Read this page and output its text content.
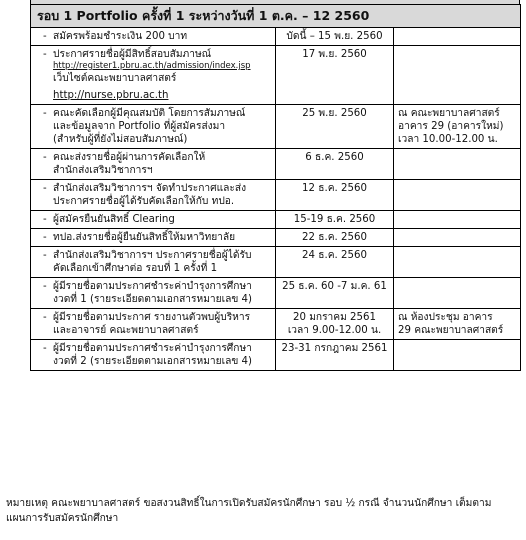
รอบ 1 Portfolio ครั้งที่ 1 ระหว่างวันที่ 1 ต.ค. – 12 2560		

- สมัครพร้อมชำระเงิน 200 บาท	บัดนี้ – 15 พ.ย. 2560	

- ประกาศรายชื่อผู้มีสิทธิ์สอบสัมภาษณ์
http://register1.pbru.ac.th/admission/index.jsp
เว็บไซต์คณะพยาบาลศาสตร์
http://nurse.pbru.ac.th	17 พ.ย. 2560	

- คณะคัดเลือกผู้มีคุณสมบัติ โดยการสัมภาษณ์
และข้อมูลจาก Portfolio ที่ผู้สมัครส่งมา
(สำหรับผู้ที่ยังไม่สอบสัมภาษณ์)	25 พ.ย. 2560	ณ คณะพยาบาลศาสตร์
อาคาร 29 (อาคารใหม่)
เวลา 10.00-12.00 น.

- คณะส่งรายชื่อผู้ผ่านการคัดเลือกให้
สำนักส่งเสริมวิชาการฯ	6 ธ.ค. 2560	

- สำนักส่งเสริมวิชาการฯ จัดทำประกาศและส่ง
ประกาศรายชื่อผู้ได้รับคัดเลือกให้กับ ทปอ.	12 ธ.ค. 2560	

- ผู้สมัครยืนยันสิทธิ์ Clearing	15-19 ธ.ค. 2560	

- ทปอ.ส่งรายชื่อผู้ยืนยันสิทธิ์ให้มหาวิทยาลัย	22 ธ.ค. 2560	

- สำนักส่งเสริมวิชาการฯ ประกาศรายชื่อผู้ได้รับ
คัดเลือกเข้าศึกษาต่อ รอบที่ 1 ครั้งที่ 1	24 ธ.ค. 2560	

- ผู้มีรายชื่อตามประกาศชำระค่าบำรุงการศึกษา
งวดที่ 1 (รายระเอียดตามเอกสารหมายเลข 4)	25 ธ.ค. 60 -7 ม.ค. 61	

- ผู้มีรายชื่อตามประกาศ รายงานตัวพบผู้บริหาร
และอาจารย์ คณะพยาบาลศาสตร์	20 มกราคม 2561
เวลา 9.00-12.00 น.	ณ ห้องประชุม อาคาร
29 คณะพยาบาลศาสตร์

- ผู้มีรายชื่อตามประกาศชำระค่าบำรุงการศึกษา
งวดที่ 2 (รายระเอียดตามเอกสารหมายเลข 4)	23-31 กรกฎาคม 2561	

หมายเหตุ คณะพยาบาลศาสตร์ ขอสงวนสิทธิ์ในการเปิดรับสมัครนักศึกษา รอบ ½ กรณี จำนวนนักศึกษา เต็มตามแผนการรับสมัครนักศึกษา
